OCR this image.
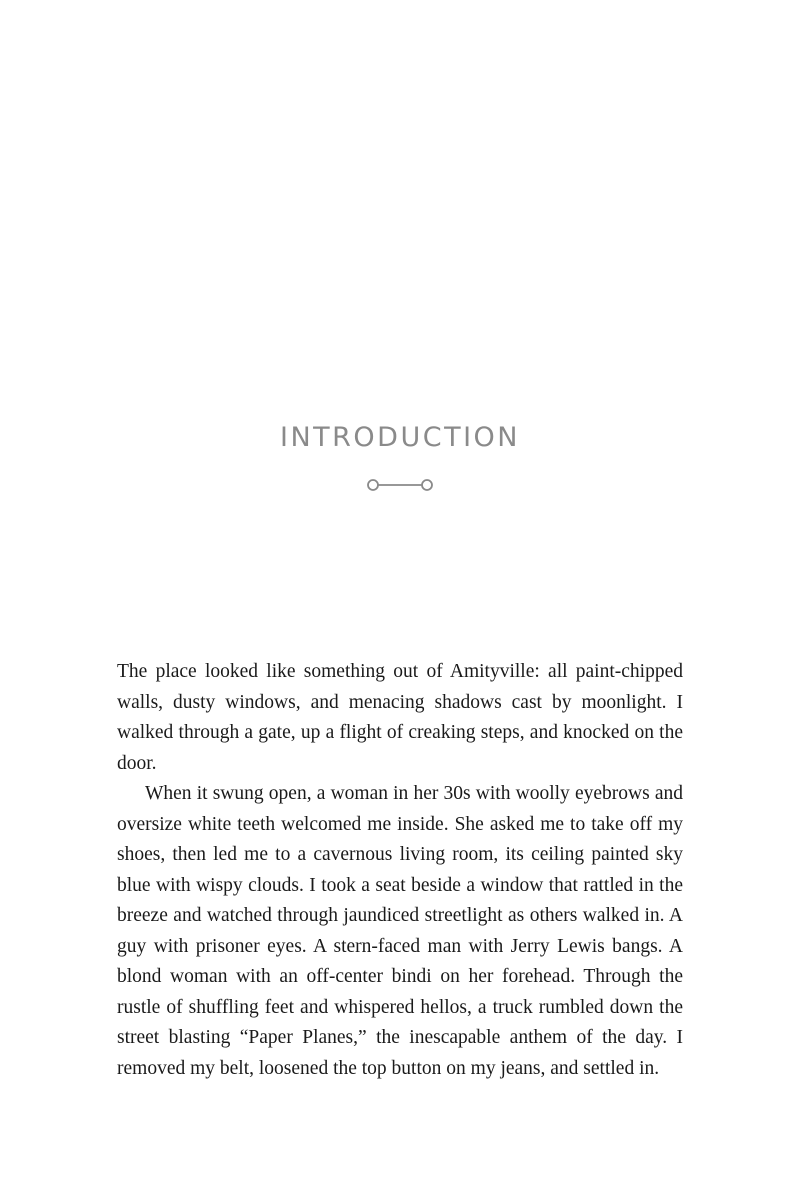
INTRODUCTION

The place looked like something out of Amityville: all paint-chipped walls, dusty windows, and menacing shadows cast by moonlight. I walked through a gate, up a flight of creaking steps, and knocked on the door.

When it swung open, a woman in her 30s with woolly eyebrows and oversize white teeth welcomed me inside. She asked me to take off my shoes, then led me to a cavernous living room, its ceiling painted sky blue with wispy clouds. I took a seat beside a window that rattled in the breeze and watched through jaundiced streetlight as others walked in. A guy with prisoner eyes. A stern-faced man with Jerry Lewis bangs. A blond woman with an off-center bindi on her forehead. Through the rustle of shuffling feet and whispered hellos, a truck rumbled down the street blasting “Paper Planes,” the inescapable anthem of the day. I removed my belt, loosened the top button on my jeans, and settled in.
